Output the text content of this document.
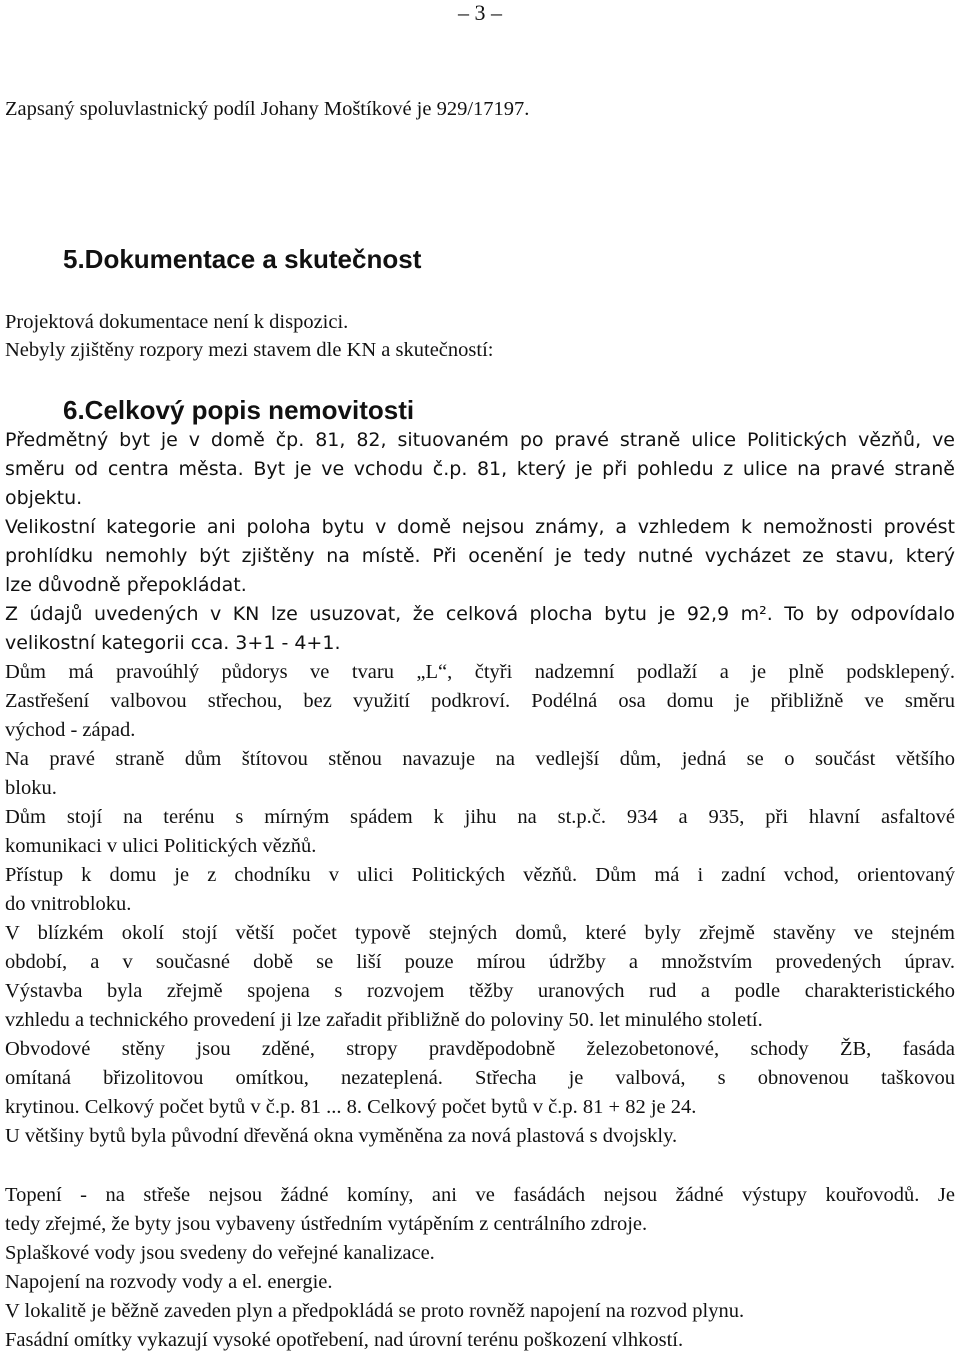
– 3 –
Zapsaný spoluvlastnický podíl Johany Moštíkové je 929/17197.
5.Dokumentace a skutečnost
Projektová dokumentace není k dispozici.
Nebyly zjištěny rozpory mezi stavem dle KN a skutečností:
6.Celkový popis nemovitosti
Předmětný byt je v domě čp. 81, 82, situovaném po pravé straně ulice Politických vězňů, ve
směru od centra města. Byt je ve vchodu č.p. 81, který je při pohledu z ulice na pravé straně
objektu.
Velikostní kategorie ani poloha bytu v domě nejsou známy, a vzhledem k nemožnosti provést
prohlídku nemohly být zjištěny na místě. Při ocenění je tedy nutné vycházet ze stavu, který
lze důvodně přepokládat.
Z údajů uvedených v KN lze usuzovat, že celková plocha bytu je 92,9 m². To by odpovídalo
velikostní kategorii cca. 3+1 - 4+1.
Dům má pravoúhlý půdorys ve tvaru „L“, čtyři nadzemní podlaží a je plně podsklepený.
Zastřešení valbovou střechou, bez využití podkroví. Podélná osa domu je přibližně ve směru
východ - západ.
Na pravé straně dům štítovou stěnou navazuje na vedlejší dům, jedná se o součást většího
bloku.
Dům stojí na terénu s mírným spádem k jihu na st.p.č. 934 a 935, při hlavní asfaltové
komunikaci v ulici Politických vězňů.
Přístup k domu je z chodníku v ulici Politických vězňů. Dům má i zadní vchod, orientovaný
do vnitrobloku.
V blízkém okolí stojí větší počet typově stejných domů, které byly zřejmě stavěny ve stejném
období, a v současné době se liší pouze mírou údržby a množstvím provedených úprav.
Výstavba byla zřejmě spojena s rozvojem těžby uranových rud a podle charakteristického
vzhledu a technického provedení ji lze zařadit přibližně do poloviny 50. let minulého století.
Obvodové stěny jsou zděné, stropy pravděpodobně železobetonové, schody ŽB, fasáda
omítaná břizolitovou omítkou, nezateplená. Střecha je valbová, s obnovenou taškovou
krytinou. Celkový počet bytů v č.p. 81 ... 8. Celkový počet bytů v č.p. 81 + 82 je 24.
U většiny bytů byla původní dřevěná okna vyměněna za nová plastová s dvojskly.
Topení - na střeše nejsou žádné komíny, ani ve fasádách nejsou žádné výstupy kouřovodů. Je
tedy zřejmé, že byty jsou vybaveny ústředním vytápěním z centrálního zdroje.
Splaškové vody jsou svedeny do veřejné kanalizace.
Napojení na rozvody vody a el. energie.
V lokalitě je běžně zaveden plyn a předpokládá se proto rovněž napojení na rozvod plynu.
Fasádní omítky vykazují vysoké opotřebení, nad úrovní terénu poškození vlhkostí.
